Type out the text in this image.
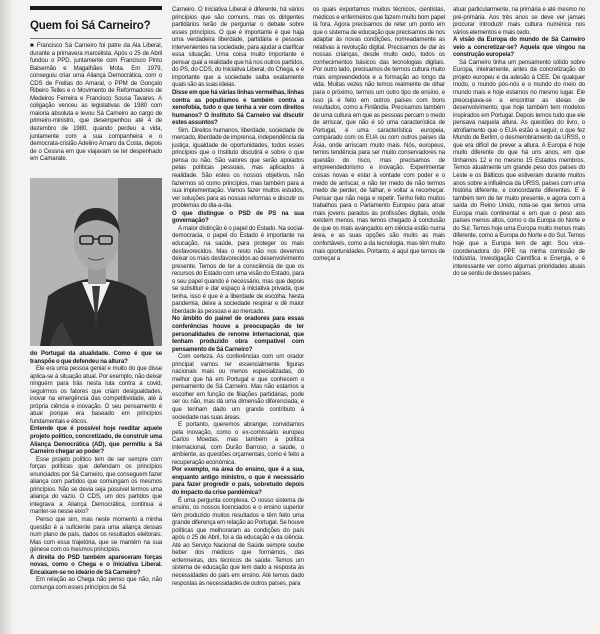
Quem foi Sá Carneiro?
■ Francisco Sá Carneiro foi patre da Ala Liberal, durante a primavera marcelista. Após o 25 de Abril fundou o PPD, juntamente com Francisco Pinto Balsemão e Magalhães Mota. Em 1979, conseguiu criar uma Aliança Democrática, com o CDS de Freitas do Amaral, o PPM de Gonçalo Ribeiro Telles e o Movimento de Reformadores de Medeiros Ferreira e Francisco Sousa Tavares. A coligação venceu as legislativas de 1980 com maioria absoluta e levou Sá Carneiro ao cargo de primeiro-ministro, que desempenhou até 4 de dezembro de 1980, quando perdeu a vida, juntamente com a sua companheira e o democrata-cristão Adelino Amaro da Costa, depois de o Cessna em que viajavam se ter despenhado em Camarate.

do Portugal da atualidade. Como é que se transpõe o que defendeu na altura?

Ele era uma pessoa genial e muito do que disse aplica-se à situação atual. Por exemplo, não deixar ninguém para trás nesta luta contra a covid, seguirmos os fatores que criam desigualdades, inovar na emergência das competitividade, até à própria ciência e inovação. O seu pensamento é atual porque era baseado em princípios fundamentais e éticos.

Entende que é possível hoje reeditar aquele projeto político, concretizado, de construir uma Aliança Democrática (AD), que permitiu a Sá Carneiro chegar ao poder?

Esse projeto político tem de ser sempre com forças políticas que defendam os princípios enunciados por Sá Carneiro, que conseguem fazer aliança com partidos que comungam os mesmos princípios. Não se devia seja possível termos uma aliança do vazio. O CDS, um dos partidos que integrava a Aliança Democrática, continua a manter-se nesse eixo?

Penso que sim, mas neste momento a minha questão é a suficiente para uma aliança dessas num plano de país, dados os resultados eleitorais. Mas com essa trajetória, que se mantém na sua génese com os mesmos princípios.

A direita do PSD também apareceram forças novas, como o Chega e o Iniciativa Liberal. Encaixam-se no ideário de Sá Carneiro?

Em relação ao Chega não penso que não, não comunga com esses princípios de Sá

Carneiro. O Iniciativa Liberal é diferente, há vários princípios que são comuns, mas os dirigentes partidários terão de perguntar o debate sobre esses princípios. O que é importante é que haja uma verdadeira liberdade, partidária e pessoas intervenientes na sociedade, para ajudar a clarificar essa situação. Uma coisa muito importante é pensar qual a realidade que há nos outros partidos, do PS, do CDS, do Iniciativa Liberal, do Chega, e é importante que a sociedade saiba exatamente quais são as suas ideias.

Disse em que há várias linhas vermelhas, linhas contra as populismos e também contra a xenofobia, tudo o que tenha a ver com direitos humanos? O Instituto Sá Carneiro vai discutir estes assuntos?

Sim. Direitos humanos, liberdade, sociedade de mercado, liberdade de imprensa, independência da justiça, igualdade de oportunidades, todos esses princípios que o Instituto discutirá e sobre o que pensa ou não. São valores que serão apoiados pelas políticas pessoais, mas aplicados à realidade. São estes os nossos objetivos, não fazermos só como princípios, mas também para a sua implementação. Vamos fazer muitos estudos, ver soluções para as nossas reformas e discutir os problemas do dia-a-dia.

O que distingue o PSD de PS na sua governação?

A maior distinção é o papel do Estado. Na social-democracia, o papel do Estado é importante na educação, na saúde, para proteger os mais desfavorecidos. Mas o resto não nos devemos deixar os mais desfavorecidos ao desenvolvimento presente. Temos de ter a consciência de que os recursos do Estado com uma visão do Estado, para o seu papel quando é necessário, mas que depois se substituir e dar espaço à iniciativa privada, que tenha, isso é que é a liberdade de escolha. Nesta pandemia, deixe a sociedade respirar e dê maior liberdade às pessoas e ao mercado.

No âmbito do painel de oradores para essas conferências houve a preocupação de ter personalidades de renome internacional, que tenham produzido obra compatível com pensamento de Sá Carneiro?

Com certeza. As conferências com um orador principal vamos ter essencialmente figuras nacionais mais ou menos especializadas, do melhor que há em Portugal e que conhecem o pensamento de Sá Carneiro. Mas não estamos a escolher em função de filiações partidárias, pode ser ou não, mas dá uma dimensão diferenciada, e que tenham dado um grande contributo à sociedade nas suas áreas.

E portanto, queremos abranger, convidamos pela inovação, como o ex-comissário europeu Carlos Moedas, mas também a política internacional, com Durão Barroso, a saúde, o ambiente, as questões orçamentais, como é feito a recuperação económica.

Por exemplo, na área do ensino, que é a sua, enquanto antigo ministro, o que é necessário para fazer progredir o país, sobretudo depois do impacto da crise pandémica?

É uma pergunta complexa. O nosso sistema de ensino, os nossos licenciados e o ensino superior têm produzido muitos resultados e têm feito uma grande diferença em relação ao Portugal. Se houve políticas que melhoraram as condições do país após o 25 de Abril, foi a da educação e da ciência. Até ao Serviço Nacional de Saúde sempre soube beber dos médicos que formámos, das enfermeiras, dos técnicos de saúde. Temos um sistema de educação que tem dado a resposta às necessidades do país em ensino. Até temos dado respostas às necessidades de outros países, para

os quais exportamos muitos técnicos, cientistas, médicos e enfermeiros que fazem muito bom papel lá fora. Agora precisamos de reter um ponto em que o sistema de educação que precisamos de nos adaptar às novas condições, nomeadamente as relativas à revolução digital. Precisamos de dar às nossas crianças, desde muito cedo, todos os conhecimentos básicos das tecnologias digitais. Por outro lado, precisamos de termos cultura muito mais empreendedora e a formação ao longo da vida. Muitas vezes não temos realmente de olhar para o próximo, termos um outro tipo de ensino, e isso já é feito em outros países com bons resultados, como a Finlândia. Precisamos também de uma cultura em que as pessoas percam o medo de arriscar, que não é só uma característica de Portugal, é uma característica europeia, comparado com os EUA ou com outros países da Ásia, onde arriscam muito mais. Nós, europeus, temos tendência para ser muito conservadores na questão do risco, mas precisamos de empreendedorismo e inovação. Experimentar coisas novas e estar à vontade com poder e o medo de arriscar, e não ter medo de não termos medo de perder, de falhar, e voltar a recomeçar. Pensar que não nega e repetir. Tenho feito muitos trabalhos para o Parlamento Europeu para atrair mais jovens parados às profissões digitais, onde existem menos, mas temos chegado à conclusão de que os mais avançados em ciência estão numa área, e as suas opções são muito as mais confortáveis, como a da tecnologia, mas têm muito mais oportunidades. Portanto, é aquí que temos de começar a

atuar particularmente, na primária e até mesmo no pré-primária. Aos três anos se deve ver jamais procurar introduzir mais cultura numérica nos vários elementos e mais cedo.

A visão da Europa do mundo de Sá Carneiro veio a concretizar-se? Aquela que vingou na construção europeia?

Sá Carneiro tinha um pensamento sólido sobre Europa, inteiramente, antes da concretização do projeto europeu e da adesão à CEE. De qualquer modo, o mundo pós-nós e o mundo do meio do mundo mais e hoje estamos no mesmo lugar. Ele preocupava-se a encontrar as ideias de desenvolvimento, que hoje também tem modelos inspirados em Portugal. Depois temos tudo que ele pensava naquela altura. As questões do livro, o atrofiamento que o EUA estão a seguir, o que fez Mundo de Berlim, o desmembramento da URSS, o que era difícil de prever a altura. A Europa é hoje muito diferente do que há uns anos, em que tínhamos 12 e no mesmo 15 Estados membros. Temos atualmente um grande peso dos países do Leste e os Bálticos que estiveram durante muitos anos sobre a influência da URSS, países com uma história diferente, e concordante diferentes. E é também tem de ter muito presente, e agora com a saída do Reino Unido, nota-se que temos uma Europa mais continental e em que o peso aos países menos altos, como o da Europa do Norte e do Sul. Temos hoje uma Europa muito menos mais diferente, como a Europa do Norte e do Sul. Temos hoje que a Europa tem de agir. Sou vice-coordenadora do PPE na minha comissão de Indústria, Investigação Científica e Energia, e é interessante ver como algumas prioridades atuais do se sentiu de desses países.
